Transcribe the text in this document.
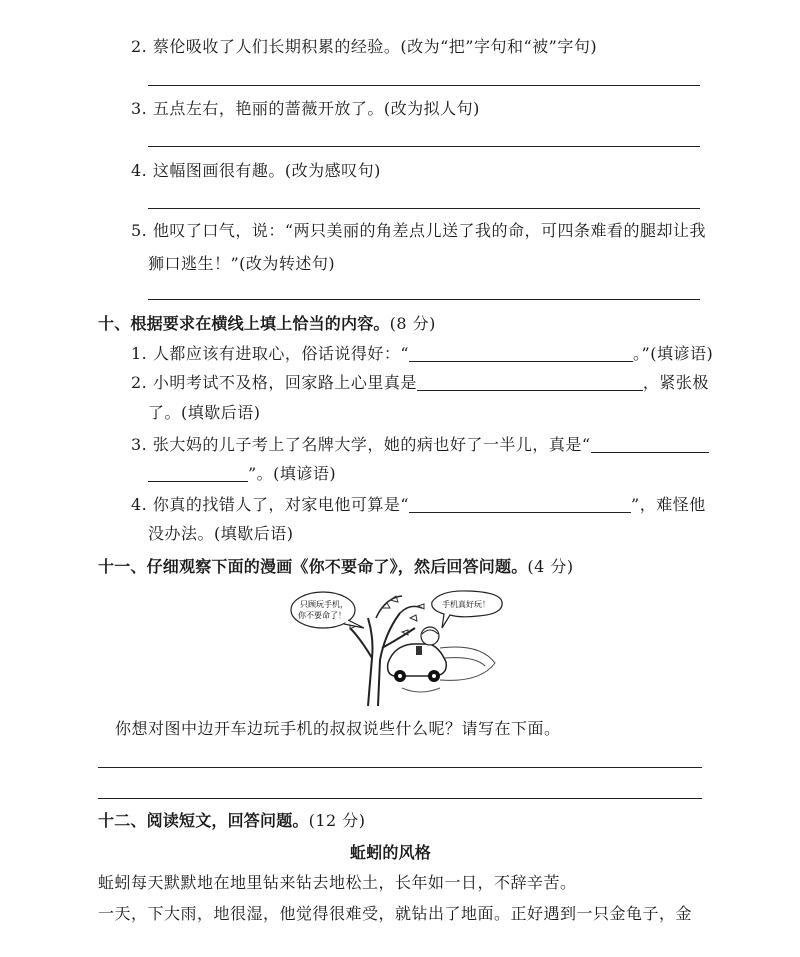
2. 蔡伦吸收了人们长期积累的经验。(改为“把”字句和“被”字句)
3. 五点左右，艳丽的蔷薇开放了。(改为拟人句)
4. 这幅图画很有趣。(改为感叹句)
5. 他叹了口气，说：“两只美丽的角差点儿送了我的命，可四条难看的腿却让我
狮口逃生！”(改为转述句)
十、根据要求在横线上填上恰当的内容。(8 分)
1. 人都应该有进取心，俗话说得好：“	。”(填谚语)
2. 小明考试不及格，回家路上心里真是	，紧张极
了。(填歇后语)
3. 张大妈的儿子考上了名牌大学，她的病也好了一半儿，真是“
”。(填谚语)
4. 你真的找错人了，对家电他可算是“	”，难怪他
没办法。(填歇后语)
十一、仔细观察下面的漫画《你不要命了》，然后回答问题。(4 分)
只顾玩手机，
你不要命了！
手机真好玩！
你想对图中边开车边玩手机的叔叔说些什么呢？请写在下面。
十二、阅读短文，回答问题。(12 分)
蚯蚓的风格
蚯蚓每天默默地在地里钻来钻去地松土，长年如一日，不辞辛苦。
一天，下大雨，地很湿，他觉得很难受，就钻出了地面。正好遇到一只金龟子，金
